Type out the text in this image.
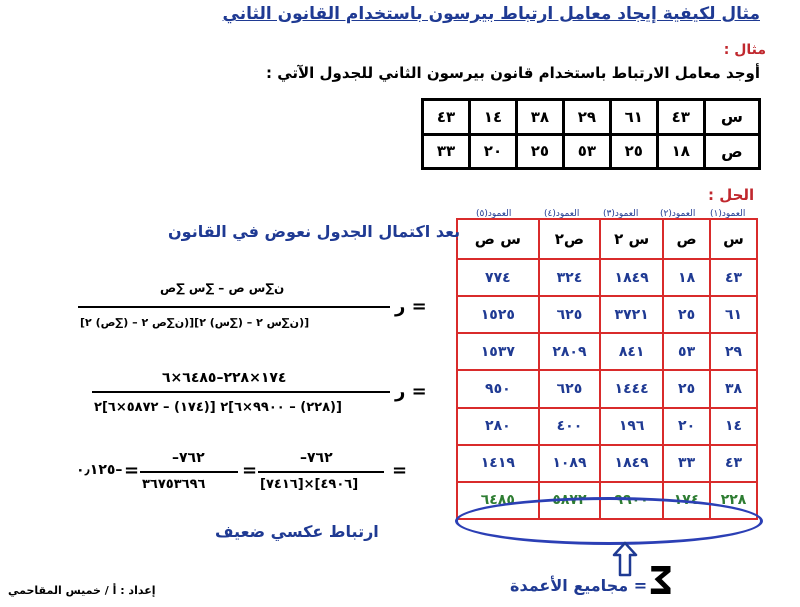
مثال لكيفية إيجاد معامل ارتباط بيرسون باستخدام القانون الثاني
مثال :
أوجد معامل الارتباط باستخدام قانون بيرسون الثاني للجدول الآتي :
س	٤٣	٦١	٢٩	٣٨	١٤	٤٣
ص	١٨	٢٥	٥٣	٢٥	٢٠	٣٣
الحل :
العمود(١)
العمود(٢)
العمود(٣)
العمود(٤)
العمود(٥)
س	ص	س ٢	ص٢	س ص
٤٣	١٨	١٨٤٩	٣٢٤	٧٧٤
٦١	٢٥	٣٧٢١	٦٢٥	١٥٢٥
٢٩	٥٣	٨٤١	٢٨٠٩	١٥٣٧
٣٨	٢٥	١٤٤٤	٦٢٥	٩٥٠
١٤	٢٠	١٩٦	٤٠٠	٢٨٠
٤٣	٣٣	١٨٤٩	١٠٨٩	١٤١٩
٢٢٨	١٧٤	٩٩٠٠	٥٨٧٢	٦٤٨٥
Σ
= مجاميع الأعمدة
بعد اكتمال الجدول نعوض في القانون
= ر
ن∑س ص – ∑س ∑ص
[(ن∑س ٢ – (∑س) ٢][(ن∑ص ٢ – (∑ص) ٢]
= ر
١٧٤×٢٢٨–٦٤٨٥×٦
[(٢٢٨) – ٩٩٠٠×٦]٢ [(١٧٤) – ٥٨٧٢×٦]٢
=
٧٦٢–
[٤٩٠٦]×[٧٤١٦]
=
٧٦٢–
٣٦٧٥٣٦٩٦
=
–٠٫١٢٥
ارتباط عكسي ضعيف
إعداد : أ / خميس المقاحمي
